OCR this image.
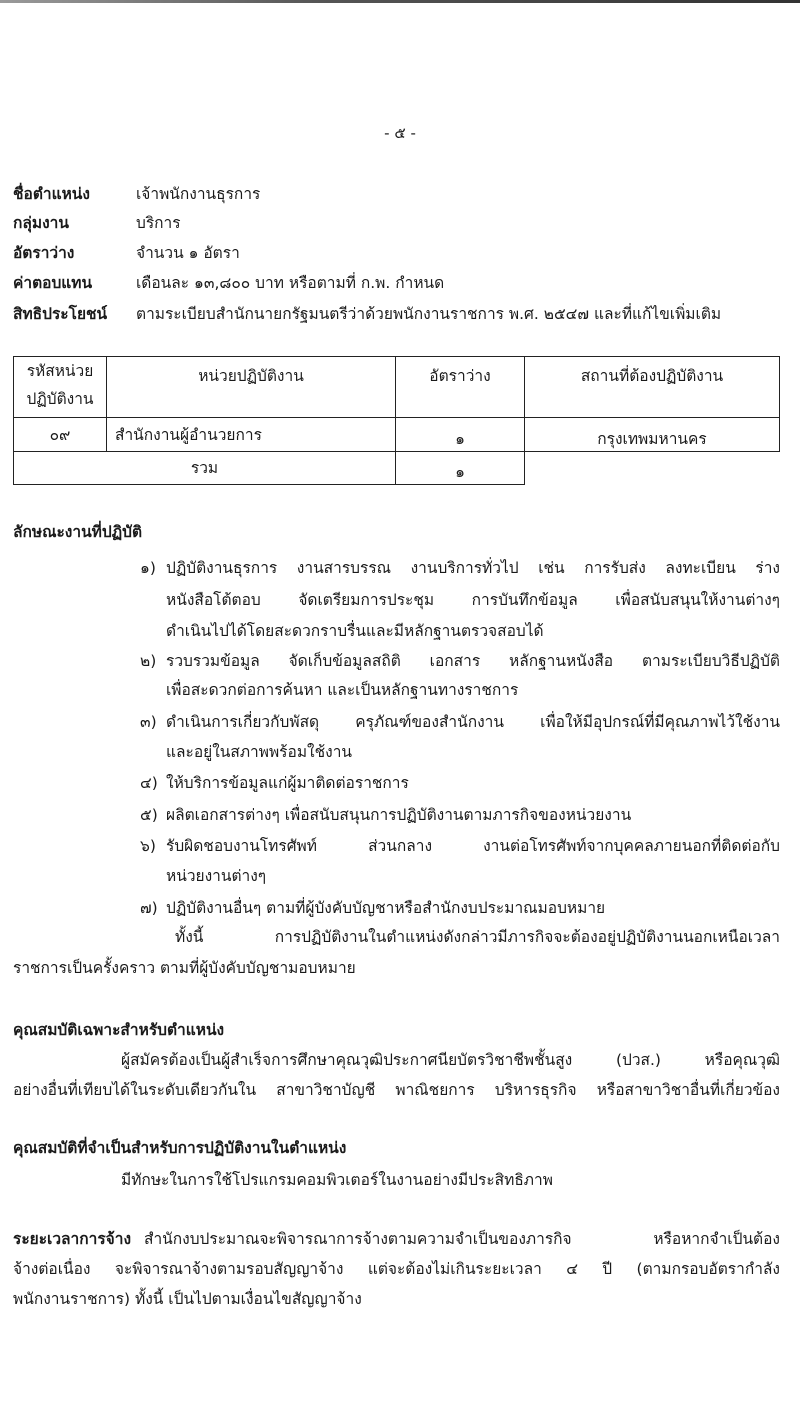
- ๕ -
ชื่อตำแหน่ง	เจ้าพนักงานธุรการ
กลุ่มงาน	บริการ
อัตราว่าง	จำนวน ๑ อัตรา
ค่าตอบแทน	เดือนละ ๑๓,๘๐๐ บาท หรือตามที่ ก.พ. กำหนด
สิทธิประโยชน์ ตามระเบียบสำนักนายกรัฐมนตรีว่าด้วยพนักงานราชการ พ.ศ. ๒๕๔๗ และที่แก้ไขเพิ่มเติม
รหัสหน่วย
ปฏิบัติงาน	หน่วยปฏิบัติงาน	อัตราว่าง	สถานที่ต้องปฏิบัติงาน
๐๙	สำนักงานผู้อำนวยการ	๑	กรุงเทพมหานคร
รวม		๑	
ลักษณะงานที่ปฏิบัติ
๑) ปฏิบัติงานธุรการ งานสารบรรณ งานบริการทั่วไป เช่น การรับส่ง ลงทะเบียน ร่าง
หนังสือโต้ตอบ จัดเตรียมการประชุม การบันทึกข้อมูล เพื่อสนับสนุนให้งานต่างๆ
ดำเนินไปได้โดยสะดวกราบรื่นและมีหลักฐานตรวจสอบได้
๒) รวบรวมข้อมูล จัดเก็บข้อมูลสถิติ เอกสาร หลักฐานหนังสือ ตามระเบียบวิธีปฏิบัติ
เพื่อสะดวกต่อการค้นหา และเป็นหลักฐานทางราชการ
๓) ดำเนินการเกี่ยวกับพัสดุ ครุภัณฑ์ของสำนักงาน เพื่อให้มีอุปกรณ์ที่มีคุณภาพไว้ใช้งาน
และอยู่ในสภาพพร้อมใช้งาน
๔) ให้บริการข้อมูลแก่ผู้มาติดต่อราชการ
๕) ผลิตเอกสารต่างๆ เพื่อสนับสนุนการปฏิบัติงานตามภารกิจของหน่วยงาน
๖) รับผิดชอบงานโทรศัพท์ ส่วนกลาง งานต่อโทรศัพท์จากบุคคลภายนอกที่ติดต่อกับ
หน่วยงานต่างๆ
๗) ปฏิบัติงานอื่นๆ ตามที่ผู้บังคับบัญชาหรือสำนักงบประมาณมอบหมาย
ทั้งนี้ การปฏิบัติงานในตำแหน่งดังกล่าวมีภารกิจจะต้องอยู่ปฏิบัติงานนอกเหนือเวลา
ราชการเป็นครั้งคราว ตามที่ผู้บังคับบัญชามอบหมาย
คุณสมบัติเฉพาะสำหรับตำแหน่ง
ผู้สมัครต้องเป็นผู้สำเร็จการศึกษาคุณวุฒิประกาศนียบัตรวิชาชีพชั้นสูง (ปวส.) หรือคุณวุฒิ
อย่างอื่นที่เทียบได้ในระดับเดียวกันใน สาขาวิชาบัญชี พาณิชยการ บริหารธุรกิจ หรือสาขาวิชาอื่นที่เกี่ยวข้อง
คุณสมบัติที่จำเป็นสำหรับการปฏิบัติงานในตำแหน่ง
มีทักษะในการใช้โปรแกรมคอมพิวเตอร์ในงานอย่างมีประสิทธิภาพ
ระยะเวลาการจ้าง สำนักงบประมาณจะพิจารณาการจ้างตามความจำเป็นของภารกิจ หรือหากจำเป็นต้อง
จ้างต่อเนื่อง จะพิจารณาจ้างตามรอบสัญญาจ้าง แต่จะต้องไม่เกินระยะเวลา ๔ ปี (ตามกรอบอัตรากำลัง
พนักงานราชการ) ทั้งนี้ เป็นไปตามเงื่อนไขสัญญาจ้าง
